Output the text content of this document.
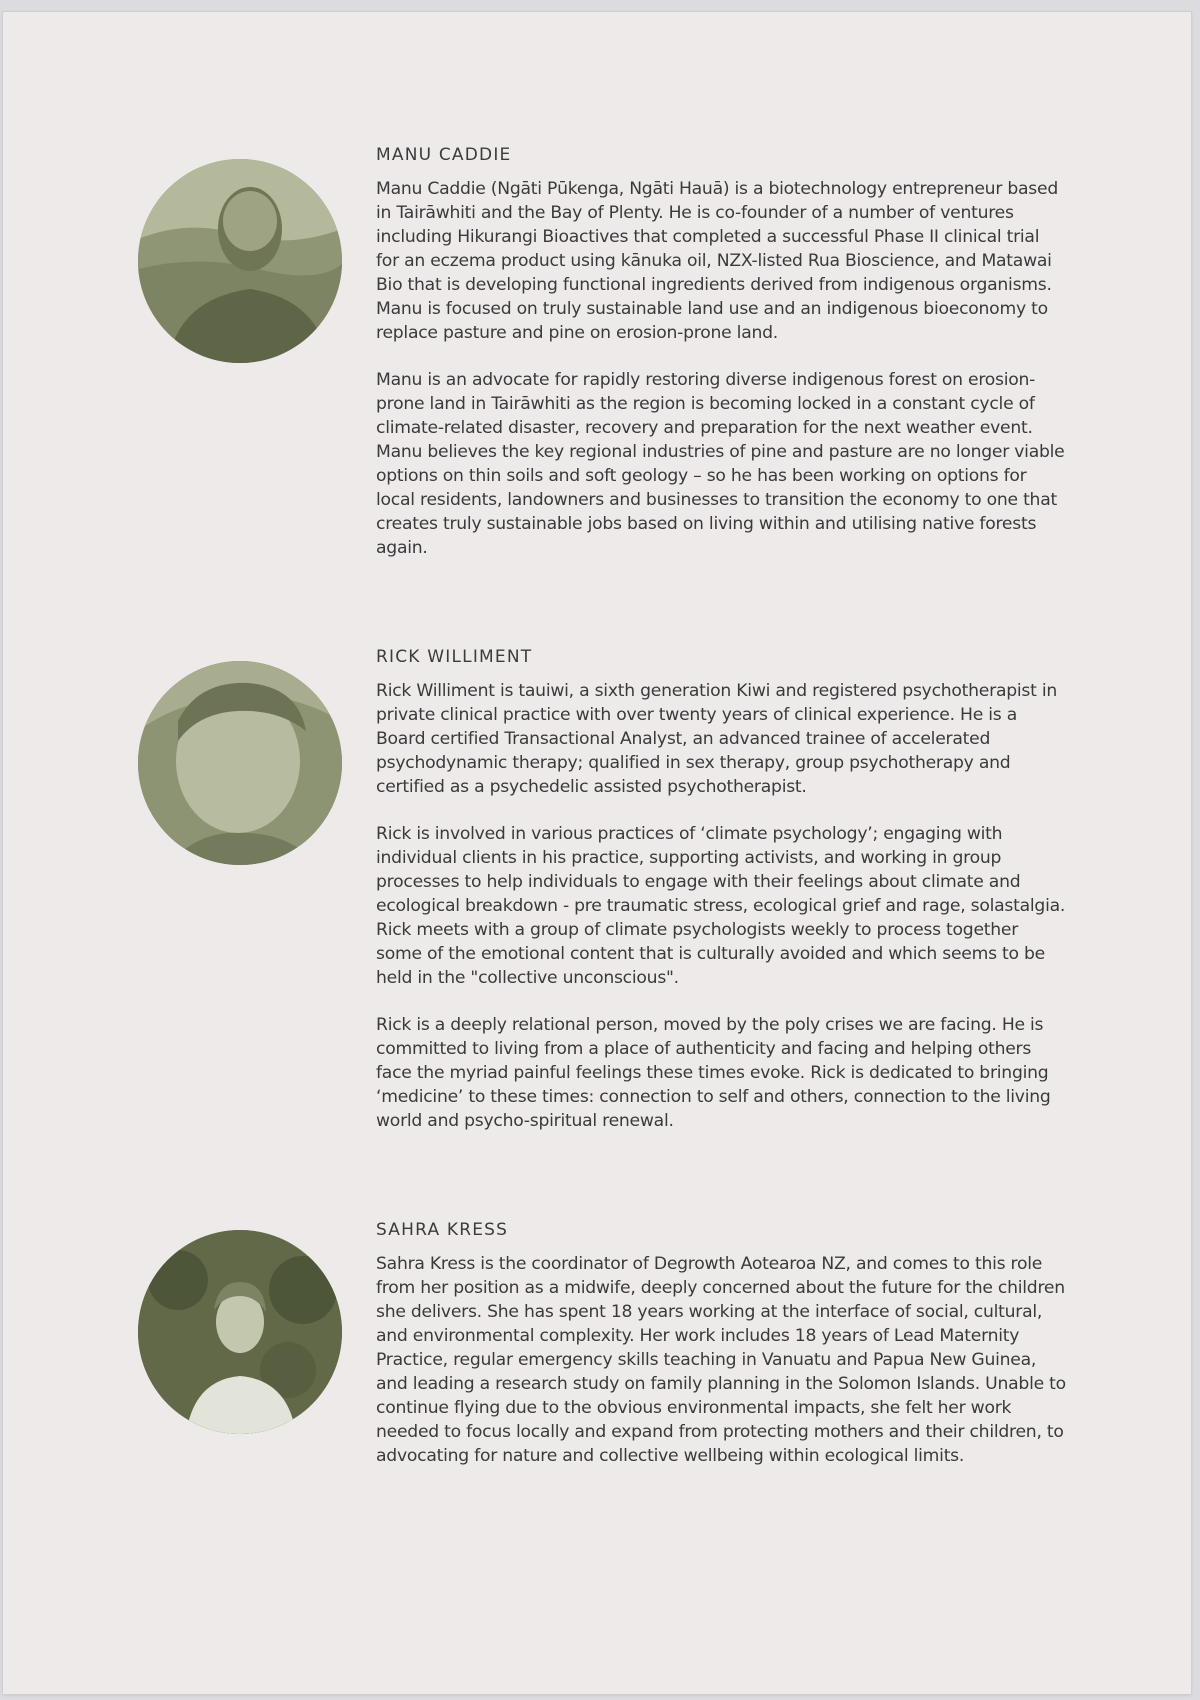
MANU CADDIE

Manu Caddie (Ngāti Pūkenga, Ngāti Hauā) is a biotechnology entrepreneur based in Tairāwhiti and the Bay of Plenty. He is co-founder of a number of ventures including Hikurangi Bioactives that completed a successful Phase II clinical trial for an eczema product using kānuka oil, NZX-listed Rua Bioscience, and Matawai Bio that is developing functional ingredients derived from indigenous organisms. Manu is focused on truly sustainable land use and an indigenous bioeconomy to replace pasture and pine on erosion-prone land.

Manu is an advocate for rapidly restoring diverse indigenous forest on erosion-prone land in Tairāwhiti as the region is becoming locked in a constant cycle of climate-related disaster, recovery and preparation for the next weather event. Manu believes the key regional industries of pine and pasture are no longer viable options on thin soils and soft geology – so he has been working on options for local residents, landowners and businesses to transition the economy to one that creates truly sustainable jobs based on living within and utilising native forests again.

RICK WILLIMENT

Rick Williment is tauiwi, a sixth generation Kiwi and registered psychotherapist in private clinical practice with over twenty years of clinical experience. He is a Board certified Transactional Analyst, an advanced trainee of accelerated psychodynamic therapy; qualified in sex therapy, group psychotherapy and certified as a psychedelic assisted psychotherapist.

Rick is involved in various practices of ‘climate psychology’; engaging with individual clients in his practice, supporting activists, and working in group processes to help individuals to engage with their feelings about climate and ecological breakdown - pre traumatic stress, ecological grief and rage, solastalgia. Rick meets with a group of climate psychologists weekly to process together some of the emotional content that is culturally avoided and which seems to be held in the "collective unconscious".

Rick is a deeply relational person, moved by the poly crises we are facing. He is committed to living from a place of authenticity and facing and helping others face the myriad painful feelings these times evoke. Rick is dedicated to bringing ‘medicine’ to these times: connection to self and others, connection to the living world and psycho-spiritual renewal.

SAHRA KRESS

Sahra Kress is the coordinator of Degrowth Aotearoa NZ, and comes to this role from her position as a midwife, deeply concerned about the future for the children she delivers. She has spent 18 years working at the interface of social, cultural, and environmental complexity. Her work includes 18 years of Lead Maternity Practice, regular emergency skills teaching in Vanuatu and Papua New Guinea, and leading a research study on family planning in the Solomon Islands. Unable to continue flying due to the obvious environmental impacts, she felt her work needed to focus locally and expand from protecting mothers and their children, to advocating for nature and collective wellbeing within ecological limits.
